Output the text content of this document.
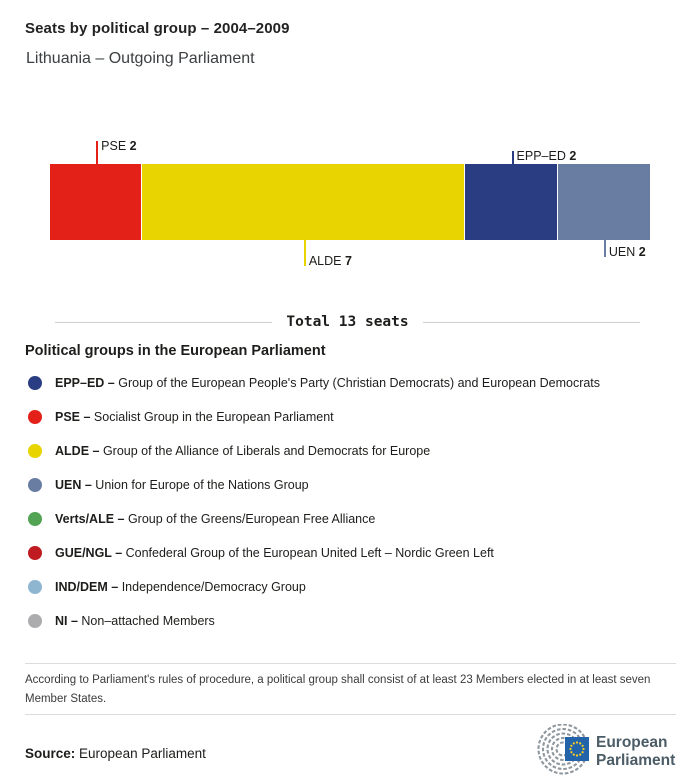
Seats by political group – 2004–2009
Lithuania – Outgoing Parliament
PSE 2
ALDE 7
EPP–ED 2
UEN 2
Total 13 seats
Political groups in the European Parliament
EPP–ED – Group of the European People's Party (Christian Democrats) and European Democrats
PSE – Socialist Group in the European Parliament
ALDE – Group of the Alliance of Liberals and Democrats for Europe
UEN – Union for Europe of the Nations Group
Verts/ALE – Group of the Greens/European Free Alliance
GUE/NGL – Confederal Group of the European United Left – Nordic Green Left
IND/DEM – Independence/Democracy Group
NI – Non–attached Members
According to Parliament's rules of procedure, a political group shall consist of at least 23 Members elected in at least seven Member States.
Source: European Parliament
European
Parliament
